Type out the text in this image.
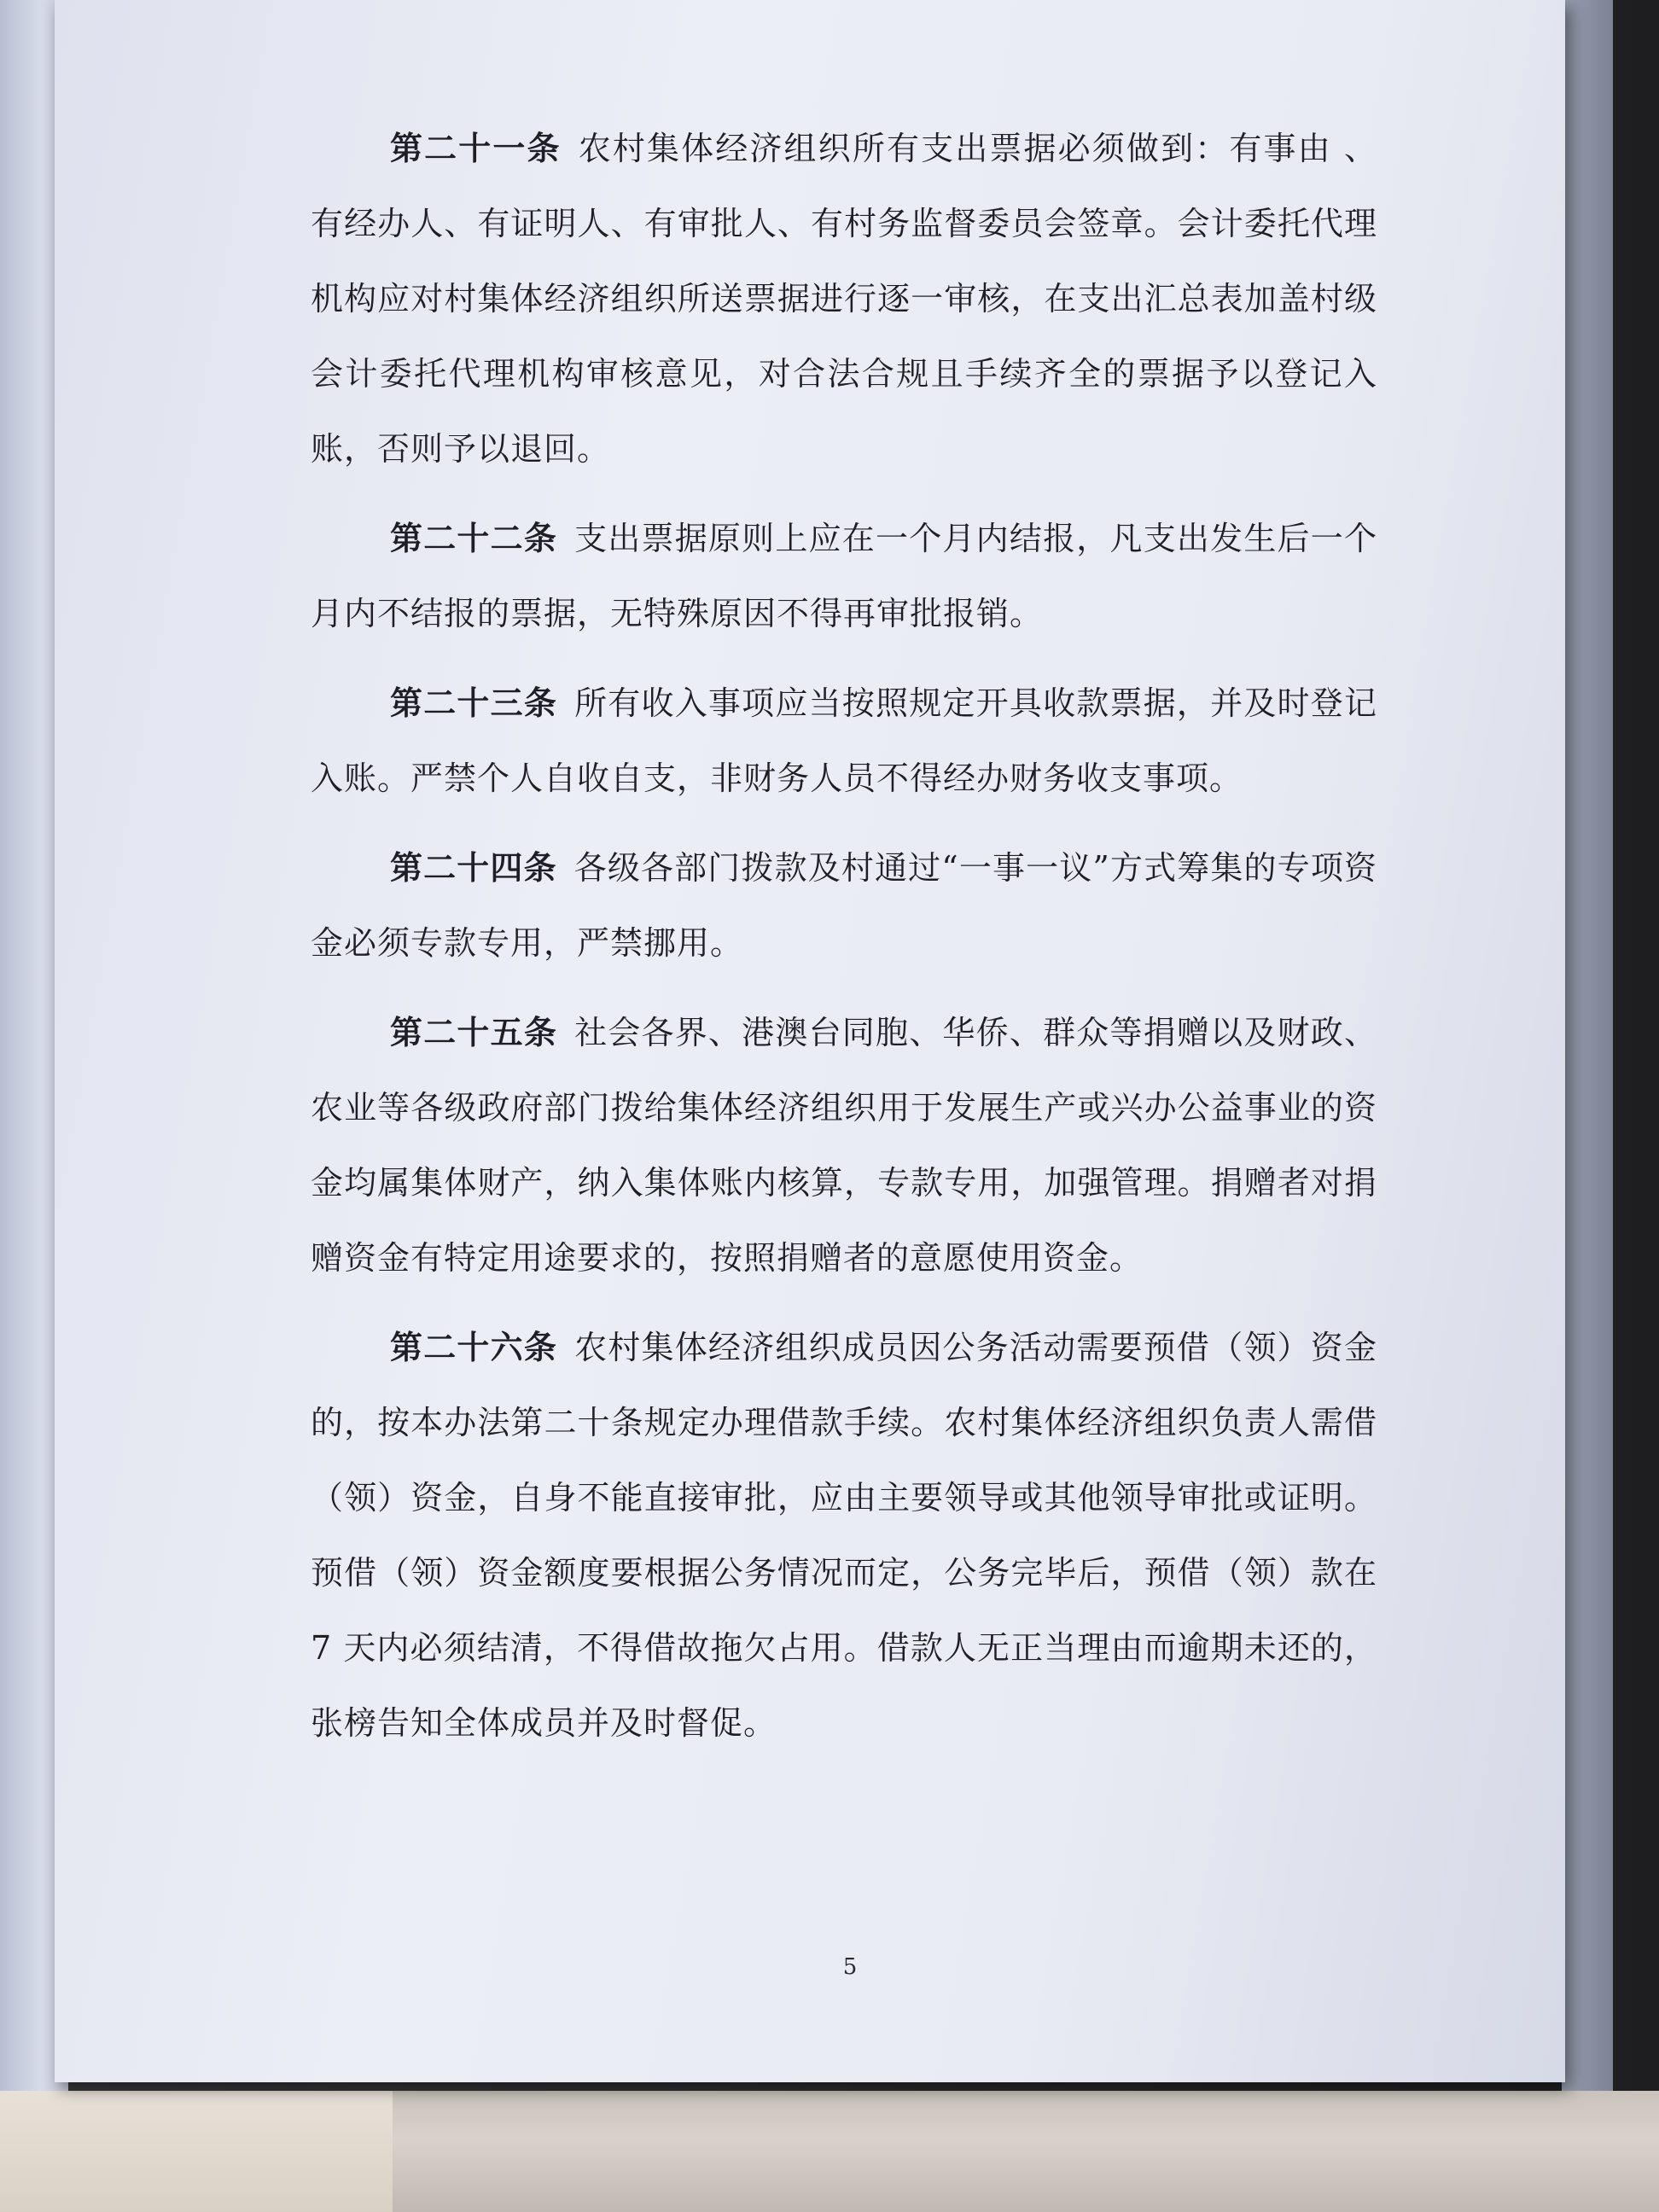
第二十一条 农村集体经济组织所有支出票据必须做到：有事由 、有经办人、有证明人、有审批人、有村务监督委员会签章。会计委托代理机构应对村集体经济组织所送票据进行逐一审核，在支出汇总表加盖村级会计委托代理机构审核意见，对合法合规且手续齐全的票据予以登记入账，否则予以退回。

第二十二条 支出票据原则上应在一个月内结报，凡支出发生后一个月内不结报的票据，无特殊原因不得再审批报销。

第二十三条 所有收入事项应当按照规定开具收款票据，并及时登记入账。严禁个人自收自支，非财务人员不得经办财务收支事项。

第二十四条 各级各部门拨款及村通过“一事一议”方式筹集的专项资金必须专款专用，严禁挪用。

第二十五条 社会各界、港澳台同胞、华侨、群众等捐赠以及财政、农业等各级政府部门拨给集体经济组织用于发展生产或兴办公益事业的资金均属集体财产，纳入集体账内核算，专款专用，加强管理。捐赠者对捐赠资金有特定用途要求的，按照捐赠者的意愿使用资金。

第二十六条 农村集体经济组织成员因公务活动需要预借（领）资金的，按本办法第二十条规定办理借款手续。农村集体经济组织负责人需借（领）资金，自身不能直接审批，应由主要领导或其他领导审批或证明。预借（领）资金额度要根据公务情况而定，公务完毕后，预借（领）款在 7 天内必须结清，不得借故拖欠占用。借款人无正当理由而逾期未还的，张榜告知全体成员并及时督促。

5
